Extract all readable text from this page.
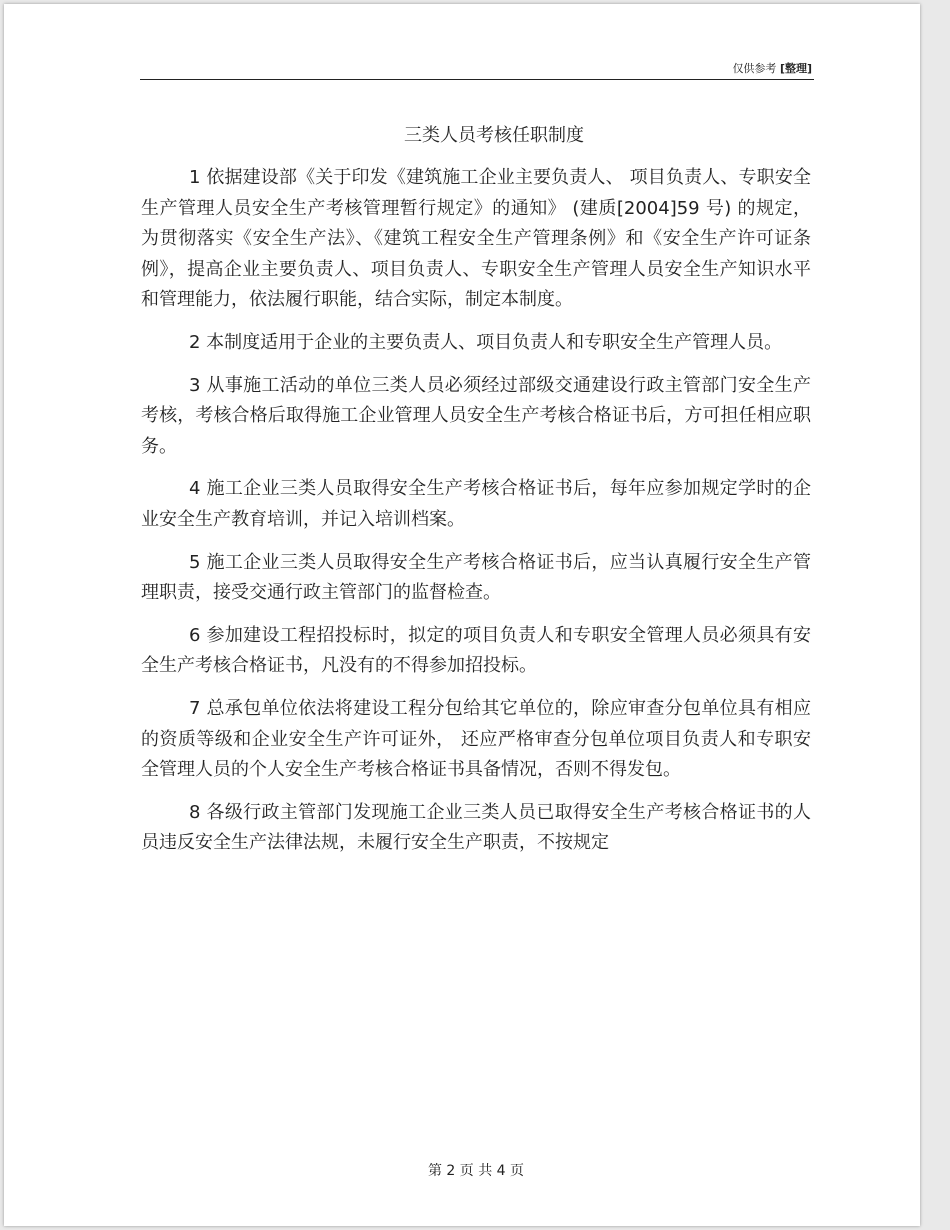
仅供参考 [整理]
三类人员考核任职制度

1 依据建设部《关于印发《建筑施工企业主要负责人、 项目负责人、专职安全生产管理人员安全生产考核管理暂行规定》的通知》 (建质[2004]59 号) 的规定，为贯彻落实《安全生产法》、《建筑工程安全生产管理条例》和《安全生产许可证条例》，提高企业主要负责人、项目负责人、专职安全生产管理人员安全生产知识水平和管理能力，依法履行职能，结合实际，制定本制度。

2 本制度适用于企业的主要负责人、项目负责人和专职安全生产管理人员。

3 从事施工活动的单位三类人员必须经过部级交通建设行政主管部门安全生产考核，考核合格后取得施工企业管理人员安全生产考核合格证书后，方可担任相应职务。

4 施工企业三类人员取得安全生产考核合格证书后，每年应参加规定学时的企业安全生产教育培训，并记入培训档案。

5 施工企业三类人员取得安全生产考核合格证书后，应当认真履行安全生产管理职责，接受交通行政主管部门的监督检查。

6 参加建设工程招投标时，拟定的项目负责人和专职安全管理人员必须具有安全生产考核合格证书，凡没有的不得参加招投标。

7 总承包单位依法将建设工程分包给其它单位的，除应审查分包单位具有相应的资质等级和企业安全生产许可证外， 还应严格审查分包单位项目负责人和专职安全管理人员的个人安全生产考核合格证书具备情况，否则不得发包。

8 各级行政主管部门发现施工企业三类人员已取得安全生产考核合格证书的人员违反安全生产法律法规，未履行安全生产职责，不按规定

第 2 页 共 4 页
